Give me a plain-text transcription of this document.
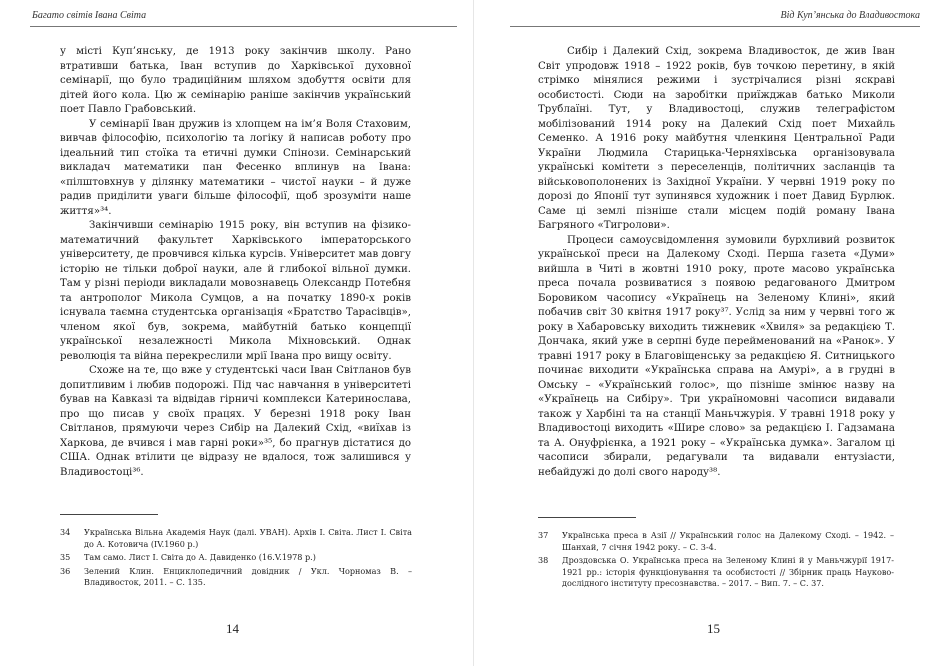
Багато світів Івана Світа

у місті Куп’янську, де 1913 року закінчив школу. Рано втративши батька, Іван вступив до Харківської духовної семінарії, що було традиційним шляхом здобуття освіти для дітей його кола. Цю ж семінарію раніше закінчив український поет Павло Грабовський.

У семінарії Іван дружив із хлопцем на ім’я Воля Стаховим, вивчав філософію, психологію та логіку й написав роботу про ідеальний тип стоїка та етичні думки Спінози. Семінарський викладач математики пан Фесенко вплинув на Івана: «пілштовхнув у ділянку математики – чистої науки – й дуже радив приділити уваги більше філософії, щоб зрозуміти наше життя»³⁴.

Закінчивши семінарію 1915 року, він вступив на фізико-математичний факультет Харківського імператорського університету, де провчився кілька курсів. Університет мав довгу історію не тільки доброї науки, але й глибокої вільної думки. Там у різні періоди викладали мовознавець Олександр Потебня та антрополог Микола Сумцов, а на початку 1890-х років існувала таємна студентська організація «Братство Тарасівців», членом якої був, зокрема, майбутній батько концепції української незалежності Микола Міхновський. Однак революція та війна перекреслили мрії Івана про вищу освіту.

Схоже на те, що вже у студентські часи Іван Світланов був допитливим і любив подорожі. Під час навчання в університеті бував на Кавказі та відвідав гірничі комплекси Катеринослава, про що писав у своїх працях. У березні 1918 року Іван Світланов, прямуючи через Сибір на Далекий Схід, «виїхав із Харкова, де вчився і мав гарні роки»³⁵, бо прагнув дістатися до США. Однак втілити це відразу не вдалося, тож залишився у Владивостоці³⁶.

34	Українська Вільна Академія Наук (далі. УВАН). Архів І. Світа. Лист І. Світа до А. Котовича (IV.1960 р.)
35	Там само. Лист І. Світа до А. Давиденко (16.V.1978 р.)
36	Зелений Клин. Енциклопедичний довідник / Укл. Чорномаз В. – Владивосток, 2011. – С. 135.
14
Від Куп’янська до Владивостока

Сибір і Далекий Схід, зокрема Владивосток, де жив Іван Світ упродовж 1918 – 1922 років, був точкою перетину, в якій стрімко мінялися режими і зустрічалися різні яскраві особистості. Сюди на заробітки приїжджав батько Миколи Трублаїні. Тут, у Владивостоці, служив телеграфістом мобілізований 1914 року на Далекий Схід поет Михайль Семенко. А 1916 року майбутня членкиня Центральної Ради України Людмила Старицька-Черняхівська організовувала українські комітети з переселенців, політичних засланців та військовополонених із Західної України. У червні 1919 року по дорозі до Японії тут зупинявся художник і поет Давид Бурлюк. Саме ці землі пізніше стали місцем подій роману Івана Багряного «Тигролови».

Процеси самоусвідомлення зумовили бурхливий розвиток української преси на Далекому Сході. Перша газета «Думи» вийшла в Читі в жовтні 1910 року, проте масово українська преса почала розвиватися з появою редагованого Дмитром Боровиком часопису «Українець на Зеленому Клині», який побачив світ 30 квітня 1917 року³⁷. Услід за ним у червні того ж року в Хабаровську виходить тижневик «Хвиля» за редакцією Т. Дончака, який уже в серпні буде перейменований на «Ранок». У травні 1917 року в Благовіщенську за редакцією Я. Ситницького починає виходити «Українська справа на Амурі», а в грудні в Омську – «Український голос», що пізніше змінює назву на «Українець на Сибіру». Три україномовні часописи видавали також у Харбіні та на станції Маньчжурія. У травні 1918 року у Владивостоці виходить «Шире слово» за редакцією І. Гадзамана та А. Онуфрієнка, а 1921 року – «Українська думка». Загалом ці часописи збирали, редагували та видавали ентузіасти, небайдужі до долі свого народу³⁸.

37	Українська преса в Азії // Український голос на Далекому Сході. – 1942. – Шанхай, 7 січня 1942 року. – С. 3-4.
38	Дроздовська О. Українська преса на Зеленому Клині й у Маньчжурії 1917-1921 рр.: історія функціонування та особистості // Збірник праць Науково-дослідного інституту пресознавства. – 2017. – Вип. 7. – С. 37.
15
